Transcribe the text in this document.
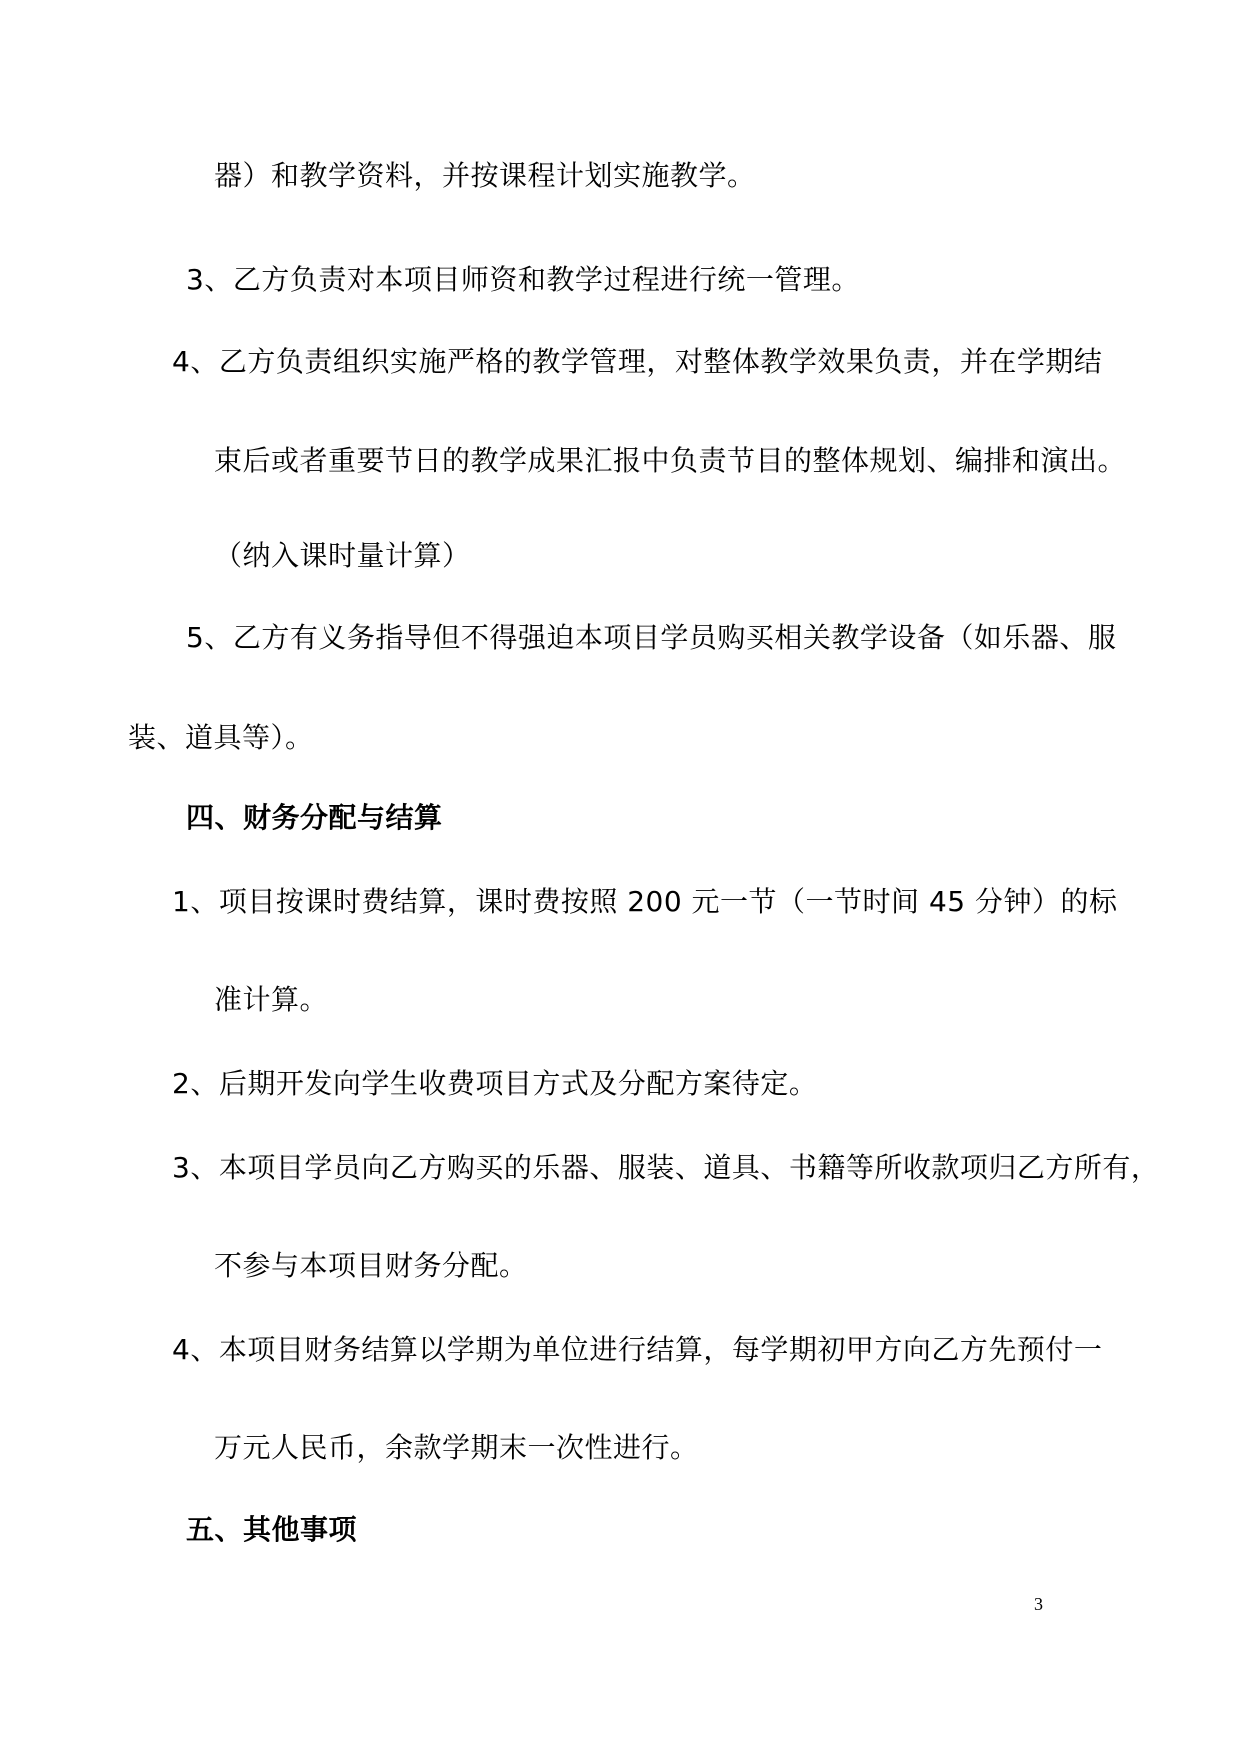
器）和教学资料，并按课程计划实施教学。
3、乙方负责对本项目师资和教学过程进行统一管理。
4、乙方负责组织实施严格的教学管理，对整体教学效果负责，并在学期结
束后或者重要节日的教学成果汇报中负责节目的整体规划、编排和演出。
（纳入课时量计算）
5、乙方有义务指导但不得强迫本项目学员购买相关教学设备（如乐器、服
装、道具等）。
四、财务分配与结算
1、项目按课时费结算，课时费按照 200 元一节（一节时间 45 分钟）的标
准计算。
2、后期开发向学生收费项目方式及分配方案待定。
3、本项目学员向乙方购买的乐器、服装、道具、书籍等所收款项归乙方所有，
不参与本项目财务分配。
4、本项目财务结算以学期为单位进行结算，每学期初甲方向乙方先预付一
万元人民币，余款学期末一次性进行。
五、其他事项
3
